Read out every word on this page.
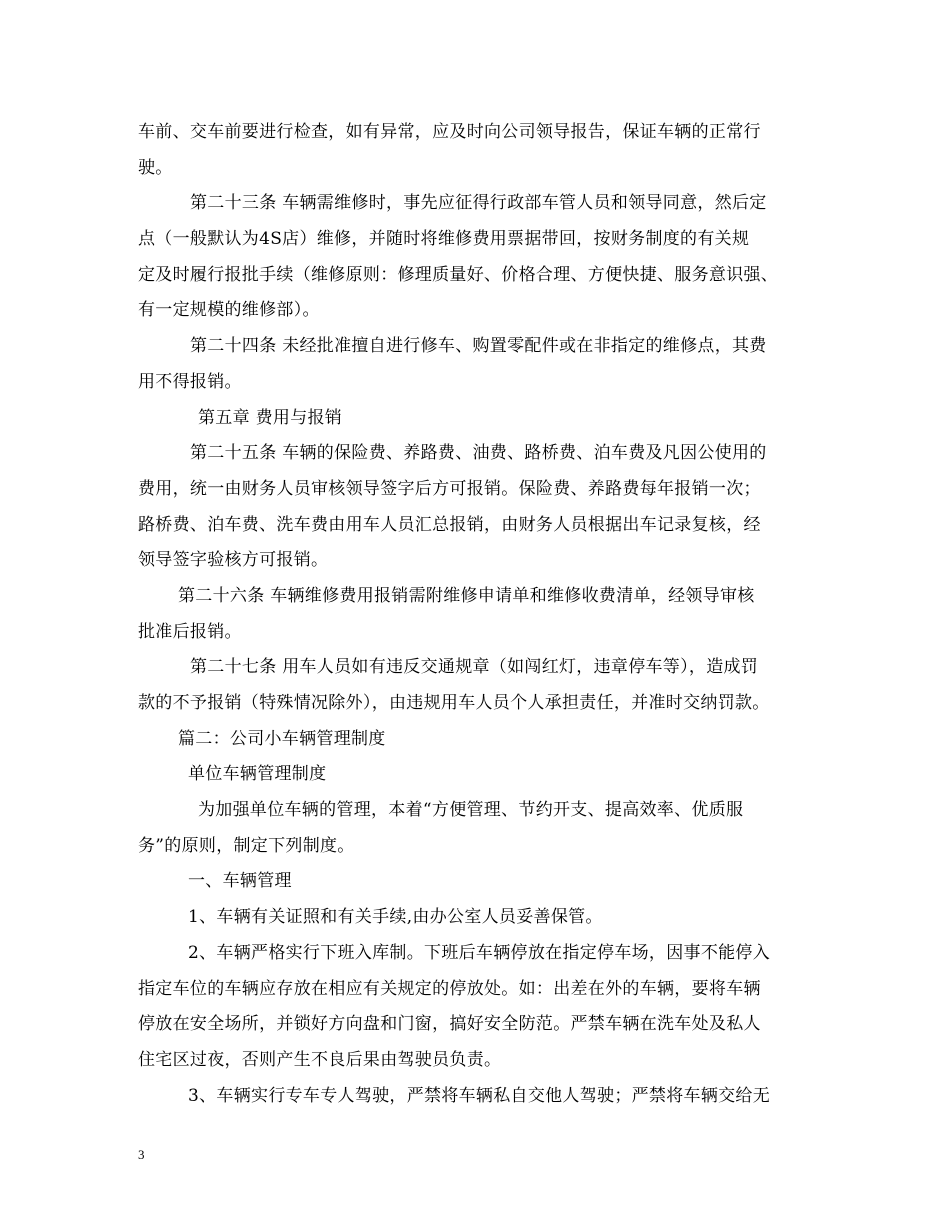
车前、交车前要进行检查，如有异常，应及时向公司领导报告，保证车辆的正常行
驶。
第二十三条 车辆需维修时，事先应征得行政部车管人员和领导同意，然后定
点（一般默认为4S店）维修，并随时将维修费用票据带回，按财务制度的有关规
定及时履行报批手续（维修原则：修理质量好、价格合理、方便快捷、服务意识强、
有一定规模的维修部）。
第二十四条 未经批准擅自进行修车、购置零配件或在非指定的维修点，其费
用不得报销。
第五章 费用与报销
第二十五条 车辆的保险费、养路费、油费、路桥费、泊车费及凡因公使用的
费用，统一由财务人员审核领导签字后方可报销。保险费、养路费每年报销一次；
路桥费、泊车费、洗车费由用车人员汇总报销，由财务人员根据出车记录复核，经
领导签字验核方可报销。
第二十六条 车辆维修费用报销需附维修申请单和维修收费清单，经领导审核
批准后报销。
第二十七条 用车人员如有违反交通规章（如闯红灯，违章停车等），造成罚
款的不予报销（特殊情况除外），由违规用车人员个人承担责任，并准时交纳罚款。
篇二：公司小车辆管理制度
单位车辆管理制度
为加强单位车辆的管理，本着“方便管理、节约开支、提高效率、优质服
务”的原则，制定下列制度。
一、车辆管理
1、车辆有关证照和有关手续,由办公室人员妥善保管。
2、车辆严格实行下班入库制。下班后车辆停放在指定停车场，因事不能停入
指定车位的车辆应存放在相应有关规定的停放处。如：出差在外的车辆，要将车辆
停放在安全场所，并锁好方向盘和门窗，搞好安全防范。严禁车辆在洗车处及私人
住宅区过夜，否则产生不良后果由驾驶员负责。
3、车辆实行专车专人驾驶，严禁将车辆私自交他人驾驶；严禁将车辆交给无
3
